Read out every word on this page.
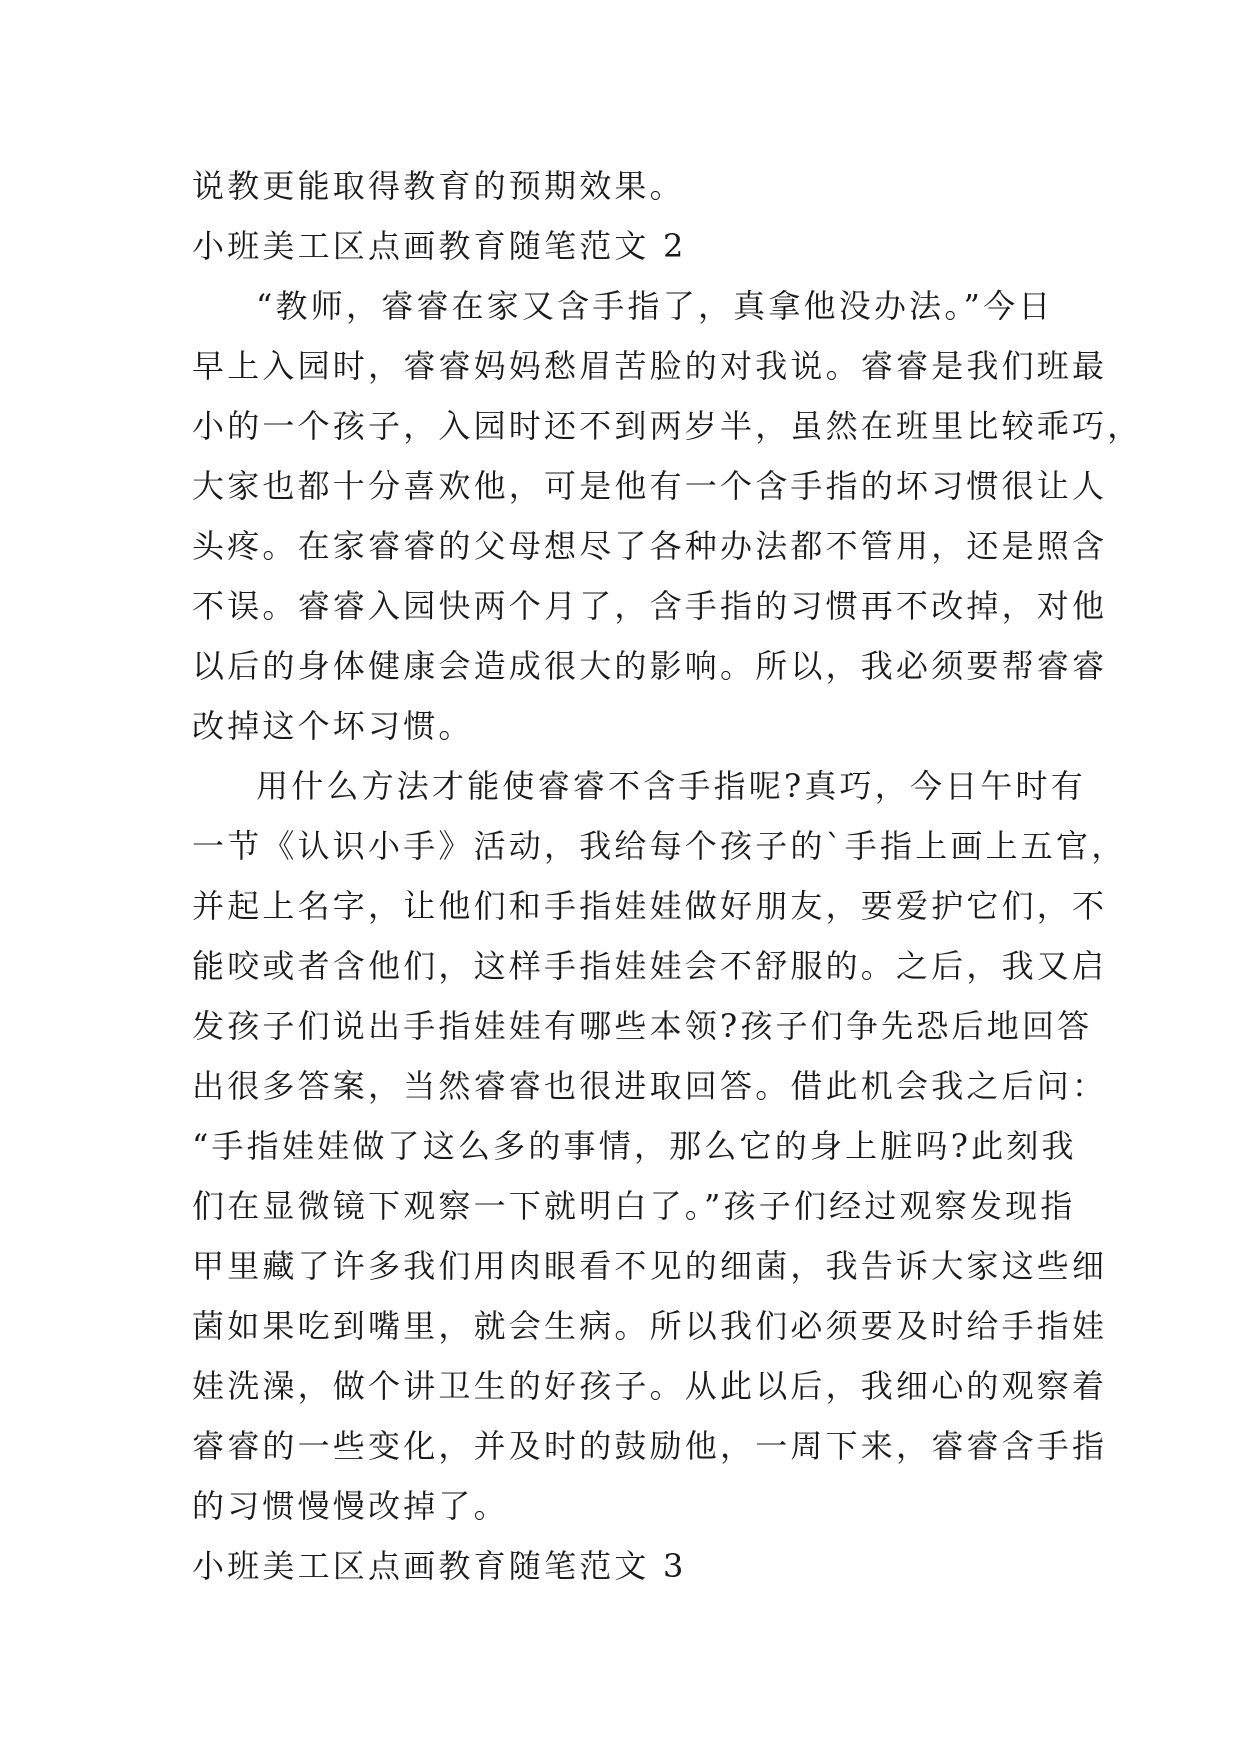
说教更能取得教育的预期效果。
小班美工区点画教育随笔范文 2
“教师，睿睿在家又含手指了，真拿他没办法。”今日
早上入园时，睿睿妈妈愁眉苦脸的对我说。睿睿是我们班最
小的一个孩子，入园时还不到两岁半，虽然在班里比较乖巧，
大家也都十分喜欢他，可是他有一个含手指的坏习惯很让人
头疼。在家睿睿的父母想尽了各种办法都不管用，还是照含
不误。睿睿入园快两个月了，含手指的习惯再不改掉，对他
以后的身体健康会造成很大的影响。所以，我必须要帮睿睿
改掉这个坏习惯。
用什么方法才能使睿睿不含手指呢?真巧，今日午时有
一节《认识小手》活动，我给每个孩子的`手指上画上五官，
并起上名字，让他们和手指娃娃做好朋友，要爱护它们，不
能咬或者含他们，这样手指娃娃会不舒服的。之后，我又启
发孩子们说出手指娃娃有哪些本领?孩子们争先恐后地回答
出很多答案，当然睿睿也很进取回答。借此机会我之后问：
“手指娃娃做了这么多的事情，那么它的身上脏吗?此刻我
们在显微镜下观察一下就明白了。”孩子们经过观察发现指
甲里藏了许多我们用肉眼看不见的细菌，我告诉大家这些细
菌如果吃到嘴里，就会生病。所以我们必须要及时给手指娃
娃洗澡，做个讲卫生的好孩子。从此以后，我细心的观察着
睿睿的一些变化，并及时的鼓励他，一周下来，睿睿含手指
的习惯慢慢改掉了。
小班美工区点画教育随笔范文 3
